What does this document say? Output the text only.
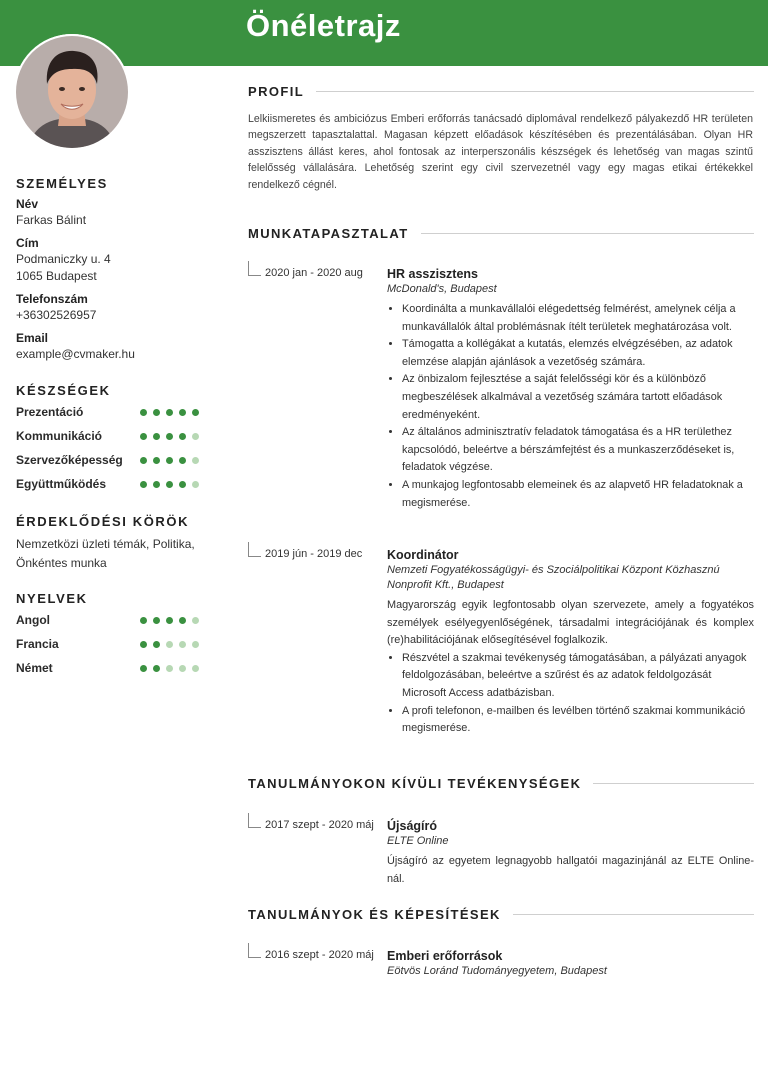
Önéletrajz
SZEMÉLYES
Név
Farkas Bálint
Cím
Podmaniczky u. 4
1065 Budapest
Telefonszám
+36302526957
Email
example@cvmaker.hu
KÉSZSÉGEK
Prezentáció
Kommunikáció
Szervezőképesség
Együttműködés
ÉRDEKLŐDÉSI KÖRÖK
Nemzetközi üzleti témák, Politika,
Önkéntes munka
NYELVEK
Angol
Francia
Német
PROFIL
Lelkiismeretes és ambiciózus Emberi erőforrás tanácsadó diplomával rendelkező pályakezdő HR területen megszerzett tapasztalattal. Magasan képzett előadások készítésében és prezentálásában. Olyan HR asszisztens állást keres, ahol fontosak az interperszonális készségek és lehetőség van magas szintű felelősség vállalására. Lehetőség szerint egy civil szervezetnél vagy egy magas etikai értékekkel rendelkező cégnél.
MUNKATAPASZTALAT
2020 jan - 2020 aug HR asszisztens
McDonald's, Budapest
• Koordinálta a munkavállalói elégedettség felmérést, amelynek célja a munkavállalók által problémásnak ítélt területek meghatározása volt.
• Támogatta a kollégákat a kutatás, elemzés elvégzésében, az adatok elemzése alapján ajánlások a vezetőség számára.
• Az önbizalom fejlesztése a saját felelősségi kör és a különböző megbeszélések alkalmával a vezetőség számára tartott előadások eredményeként.
• Az általános adminisztratív feladatok támogatása és a HR területhez kapcsolódó, beleértve a bérszámfejtést és a munkaszerződéseket is, feladatok végzése.
• A munkajog legfontosabb elemeinek és az alapvető HR feladatoknak a megismerése.
2019 jún - 2019 dec Koordinátor
Nemzeti Fogyatékosságügyi- és Szociálpolitikai Központ Közhasznú Nonprofit Kft., Budapest
Magyarország egyik legfontosabb olyan szervezete, amely a fogyatékos személyek esélyegyenlőségének, társadalmi integrációjának és komplex (re)habilitációjának elősegítésével foglalkozik.
• Részvétel a szakmai tevékenység támogatásában, a pályázati anyagok feldolgozásában, beleértve a szűrést és az adatok feldolgozását Microsoft Access adatbázisban.
• A profi telefonon, e-mailben és levélben történő szakmai kommunikáció megismerése.
TANULMÁNYOKON KÍVÜLI TEVÉKENYSÉGEK
2017 szept - 2020 máj Újságíró
ELTE Online
Újságíró az egyetem legnagyobb hallgatói magazinjánál az ELTE Online-nál.
TANULMÁNYOK ÉS KÉPESÍTÉSEK
2016 szept - 2020 máj Emberi erőforrások
Eötvös Loránd Tudományegyetem, Budapest
